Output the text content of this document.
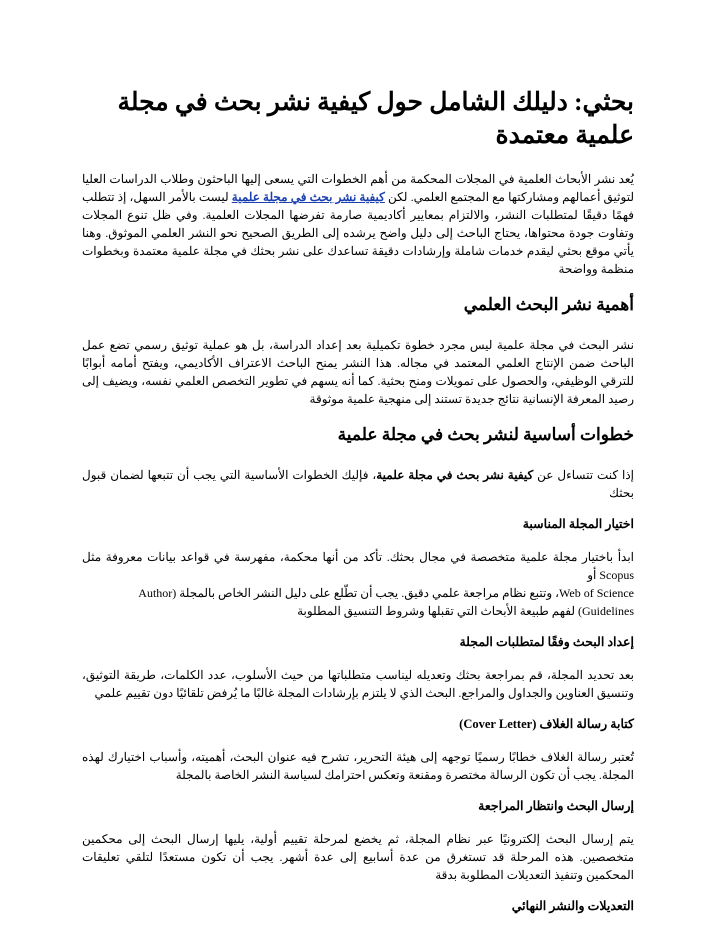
بحثي: دليلك الشامل حول كيفية نشر بحث في مجلة علمية معتمدة

يُعد نشر الأبحاث العلمية في المجلات المحكمة من أهم الخطوات التي يسعى إليها الباحثون وطلاب الدراسات العليا لتوثيق أعمالهم ومشاركتها مع المجتمع العلمي. لكن كيفية نشر بحث في مجلة علمية ليست بالأمر السهل، إذ تتطلب فهمًا دقيقًا لمتطلبات النشر، والالتزام بمعايير أكاديمية صارمة تفرضها المجلات العلمية. وفي ظل تنوع المجلات وتفاوت جودة محتواها، يحتاج الباحث إلى دليل واضح يرشده إلى الطريق الصحيح نحو النشر العلمي الموثوق. وهنا يأتي موقع بحثي ليقدم خدمات شاملة وإرشادات دقيقة تساعدك على نشر بحثك في مجلة علمية معتمدة وبخطوات منظمة وواضحة

أهمية نشر البحث العلمي

نشر البحث في مجلة علمية ليس مجرد خطوة تكميلية بعد إعداد الدراسة، بل هو عملية توثيق رسمي تضع عمل الباحث ضمن الإنتاج العلمي المعتمد في مجاله. هذا النشر يمنح الباحث الاعتراف الأكاديمي، ويفتح أمامه أبوابًا للترقي الوظيفي، والحصول على تمويلات ومنح بحثية. كما أنه يسهم في تطوير التخصص العلمي نفسه، ويضيف إلى رصيد المعرفة الإنسانية نتائج جديدة تستند إلى منهجية علمية موثوقة

خطوات أساسية لنشر بحث في مجلة علمية

إذا كنت تتساءل عن كيفية نشر بحث في مجلة علمية، فإليك الخطوات الأساسية التي يجب أن تتبعها لضمان قبول بحثك

اختيار المجلة المناسبة

ابدأ باختيار مجلة علمية متخصصة في مجال بحثك. تأكد من أنها محكمة، مفهرسة في قواعد بيانات معروفة مثل Scopus أو
Web of Science، وتتبع نظام مراجعة علمي دقيق. يجب أن تطّلع على دليل النشر الخاص بالمجلة (Author
Guidelines) لفهم طبيعة الأبحاث التي تقبلها وشروط التنسيق المطلوبة

إعداد البحث وفقًا لمتطلبات المجلة

بعد تحديد المجلة، قم بمراجعة بحثك وتعديله ليناسب متطلباتها من حيث الأسلوب، عدد الكلمات، طريقة التوثيق، وتنسيق العناوين والجداول والمراجع. البحث الذي لا يلتزم بإرشادات المجلة غالبًا ما يُرفض تلقائيًا دون تقييم علمي

كتابة رسالة الغلاف (Cover Letter)

تُعتبر رسالة الغلاف خطابًا رسميًا توجهه إلى هيئة التحرير، تشرح فيه عنوان البحث، أهميته، وأسباب اختيارك لهذه المجلة. يجب أن تكون الرسالة مختصرة ومقنعة وتعكس احترامك لسياسة النشر الخاصة بالمجلة

إرسال البحث وانتظار المراجعة

يتم إرسال البحث إلكترونيًا عبر نظام المجلة، ثم يخضع لمرحلة تقييم أولية، يليها إرسال البحث إلى محكمين متخصصين. هذه المرحلة قد تستغرق من عدة أسابيع إلى عدة أشهر. يجب أن تكون مستعدًا لتلقي تعليقات المحكمين وتنفيذ التعديلات المطلوبة بدقة

التعديلات والنشر النهائي
